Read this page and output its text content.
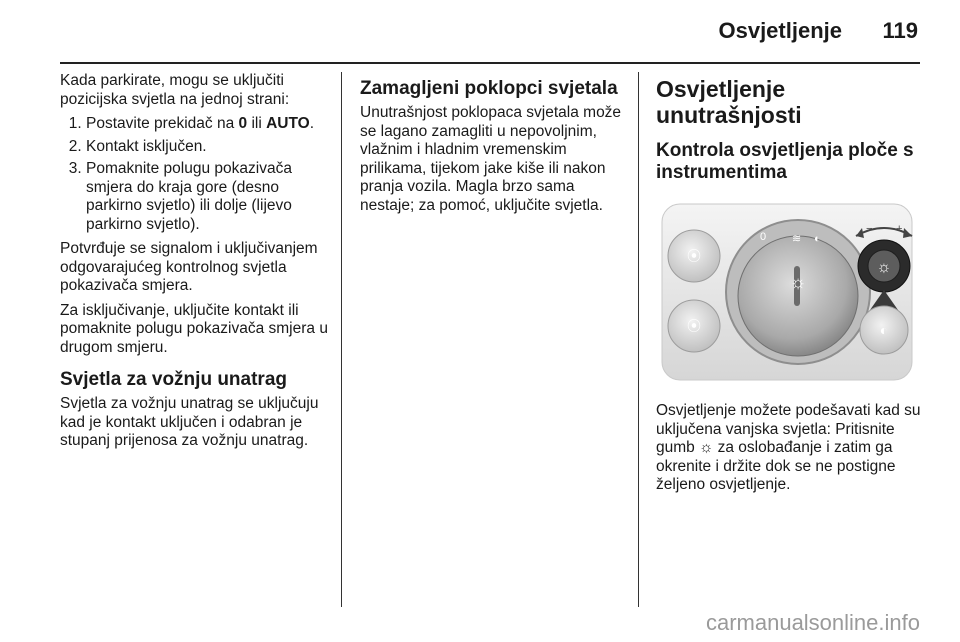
Osvjetljenje 119

Kada parkirate, mogu se uključiti pozicijska svjetla na jednoj strani:

1. Postavite prekidač na 0 ili AUTO.
2. Kontakt isključen.
3. Pomaknite polugu pokazivača smjera do kraja gore (desno parkirno svjetlo) ili dolje (lijevo parkirno svjetlo).

Potvrđuje se signalom i uključivanjem odgovarajućeg kontrolnog svjetla pokazivača smjera.

Za isključivanje, uključite kontakt ili pomaknite polugu pokazivača smjera u drugom smjeru.

Svjetla za vožnju unatrag

Svjetla za vožnju unatrag se uključuju kad je kontakt uključen i odabran je stupanj prijenosa za vožnju unatrag.

Zamagljeni poklopci svjetala

Unutrašnjost poklopaca svjetala može se lagano zamagliti u nepovoljnim, vlažnim i hladnim vremenskim prilikama, tijekom jake kiše ili nakon pranja vozila. Magla brzo sama nestaje; za pomoć, uključite svjetla.

Osvjetljenje unutrašnjosti
Kontrola osvjetljenja ploče s instrumentima
⦿
⦿
0 ≋ ◐
☼
− +
☼
◐

Osvjetljenje možete podešavati kad su uključena vanjska svjetla: Pritisnite gumb ☼ za oslobađanje i zatim ga okrenite i držite dok se ne postigne željeno osvjetljenje.

carmanualsonline.info
